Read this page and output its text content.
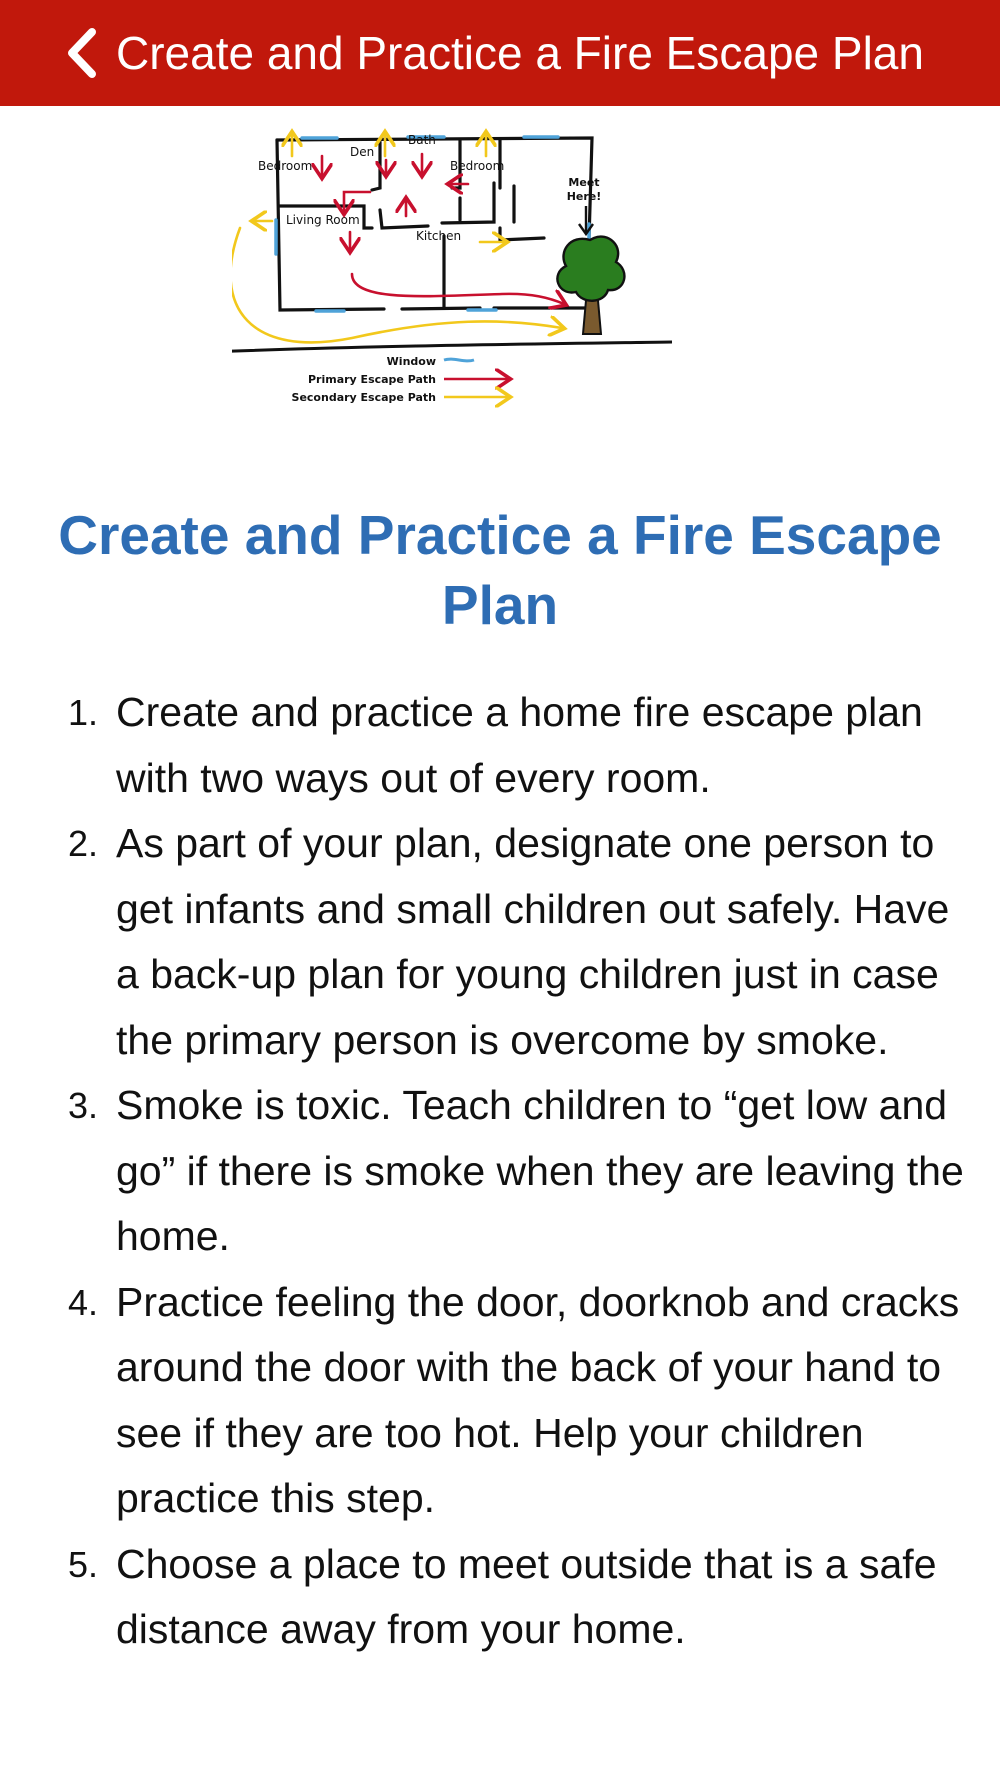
Create and Practice a Fire Escape Plan
Bedroom
Den
Bath
Bedroom
Living Room
Kitchen
Meet
Here!
Window
Primary Escape Path
Secondary Escape Path
Create and Practice a Fire Escape Plan
1. Create and practice a home fire escape plan with two ways out of every room.
2. As part of your plan, designate one person to get infants and small children out safely. Have a back-up plan for young children just in case the primary person is overcome by smoke.
3. Smoke is toxic. Teach children to “get low and go” if there is smoke when they are leaving the home.
4. Practice feeling the door, doorknob and cracks around the door with the back of your hand to see if they are too hot. Help your children practice this step.
5. Choose a place to meet outside that is a safe distance away from your home.
